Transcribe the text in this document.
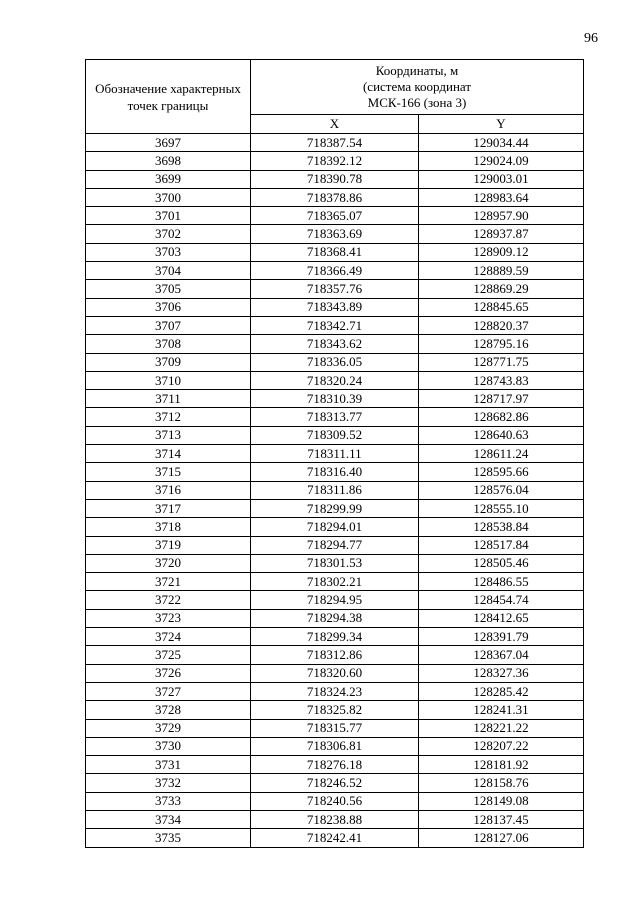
96
Обозначение характерных точек границы	Координаты, м
(система координат
МСК-166 (зона 3)	
	X	Y
3697	718387.54	129034.44
3698	718392.12	129024.09
3699	718390.78	129003.01
3700	718378.86	128983.64
3701	718365.07	128957.90
3702	718363.69	128937.87
3703	718368.41	128909.12
3704	718366.49	128889.59
3705	718357.76	128869.29
3706	718343.89	128845.65
3707	718342.71	128820.37
3708	718343.62	128795.16
3709	718336.05	128771.75
3710	718320.24	128743.83
3711	718310.39	128717.97
3712	718313.77	128682.86
3713	718309.52	128640.63
3714	718311.11	128611.24
3715	718316.40	128595.66
3716	718311.86	128576.04
3717	718299.99	128555.10
3718	718294.01	128538.84
3719	718294.77	128517.84
3720	718301.53	128505.46
3721	718302.21	128486.55
3722	718294.95	128454.74
3723	718294.38	128412.65
3724	718299.34	128391.79
3725	718312.86	128367.04
3726	718320.60	128327.36
3727	718324.23	128285.42
3728	718325.82	128241.31
3729	718315.77	128221.22
3730	718306.81	128207.22
3731	718276.18	128181.92
3732	718246.52	128158.76
3733	718240.56	128149.08
3734	718238.88	128137.45
3735	718242.41	128127.06
